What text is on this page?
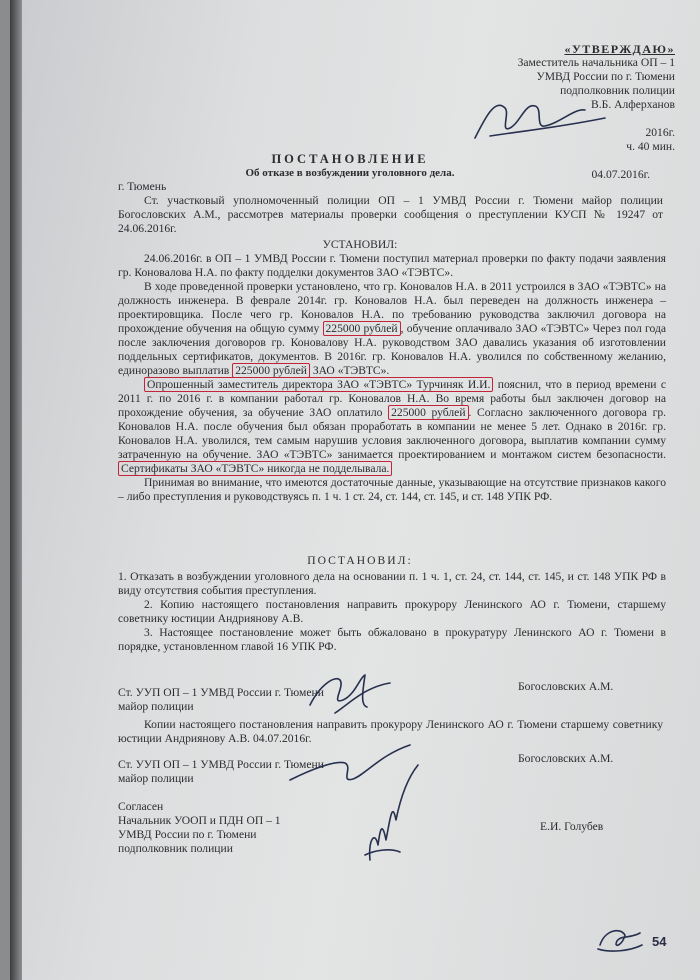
«УТВЕРЖДАЮ»
Заместитель начальника ОП – 1
УМВД России по г. Тюмени
подполковник полиции
В.Б. Алферханов
2016г.
ч. 40 мин.
ПОСТАНОВЛЕНИЕ
Об отказе в возбуждении уголовного дела.
г. Тюмень
04.07.2016г.
Ст. участковый уполномоченный полиции ОП – 1 УМВД России г. Тюмени майор полиции Богословских А.М., рассмотрев материалы проверки сообщения о преступлении КУСП № 19247 от 24.06.2016г.
УСТАНОВИЛ:
24.06.2016г. в ОП – 1 УМВД России г. Тюмени поступил материал проверки по факту подачи заявления гр. Коновалова Н.А. по факту подделки документов ЗАО «ТЭВТС».
В ходе проведенной проверки установлено, что гр. Коновалов Н.А. в 2011 устроился в ЗАО «ТЭВТС» на должность инженера. В феврале 2014г. гр. Коновалов Н.А. был переведен на должность инженера – проектировщика. После чего гр. Коновалов Н.А. по требованию руководства заключил договора на прохождение обучения на общую сумму 225000 рублей , обучение оплачивало ЗАО «ТЭВТС» Через пол года после заключения договоров гр. Коновалову Н.А. руководством ЗАО давались указания об изготовлении поддельных сертификатов, документов. В 2016г. гр. Коновалов Н.А. уволился по собственному желанию, единоразово выплатив 225000 рублей ЗАО «ТЭВТС».
Опрошенный заместитель директора ЗАО «ТЭВТС» Турчиняк И.И. пояснил, что в период времени с 2011 г. по 2016 г. в компании работал гр. Коновалов Н.А. Во время работы был заключен договор на прохождение обучения, за обучение ЗАО оплатило 225000 рублей . Согласно заключенного договора гр. Коновалов Н.А. после обучения был обязан проработать в компании не менее 5 лет. Однако в 2016г. гр. Коновалов Н.А. уволился, тем самым нарушив условия заключенного договора, выплатив компании сумму затраченную на обучение. ЗАО «ТЭВТС» занимается проектированием и монтажом систем безопасности. Сертификаты ЗАО «ТЭВТС» никогда не подделывала.
Принимая во внимание, что имеются достаточные данные, указывающие на отсутствие признаков какого – либо преступления и руководствуясь п. 1 ч. 1 ст. 24, ст. 144, ст. 145, и ст. 148 УПК РФ.
ПОСТАНОВИЛ:
1. Отказать в возбуждении уголовного дела на основании п. 1 ч. 1, ст. 24, ст. 144, ст. 145, и ст. 148 УПК РФ в виду отсутствия события преступления.
2. Копию настоящего постановления направить прокурору Ленинского АО г. Тюмени, старшему советнику юстиции Андриянову А.В.
3. Настоящее постановление может быть обжаловано в прокуратуру Ленинского АО г. Тюмени в порядке, установленном главой 16 УПК РФ.
Ст. УУП ОП – 1 УМВД России г. Тюмени
майор полиции
Богословских А.М.
Копии настоящего постановления направить прокурору Ленинского АО г. Тюмени старшему советнику юстиции Андриянову А.В. 04.07.2016г.
Ст. УУП ОП – 1 УМВД России г. Тюмени
майор полиции
Богословских А.М.
Согласен
Начальник УООП и ПДН ОП – 1
УМВД России по г. Тюмени
подполковник полиции
Е.И. Голубев
54
